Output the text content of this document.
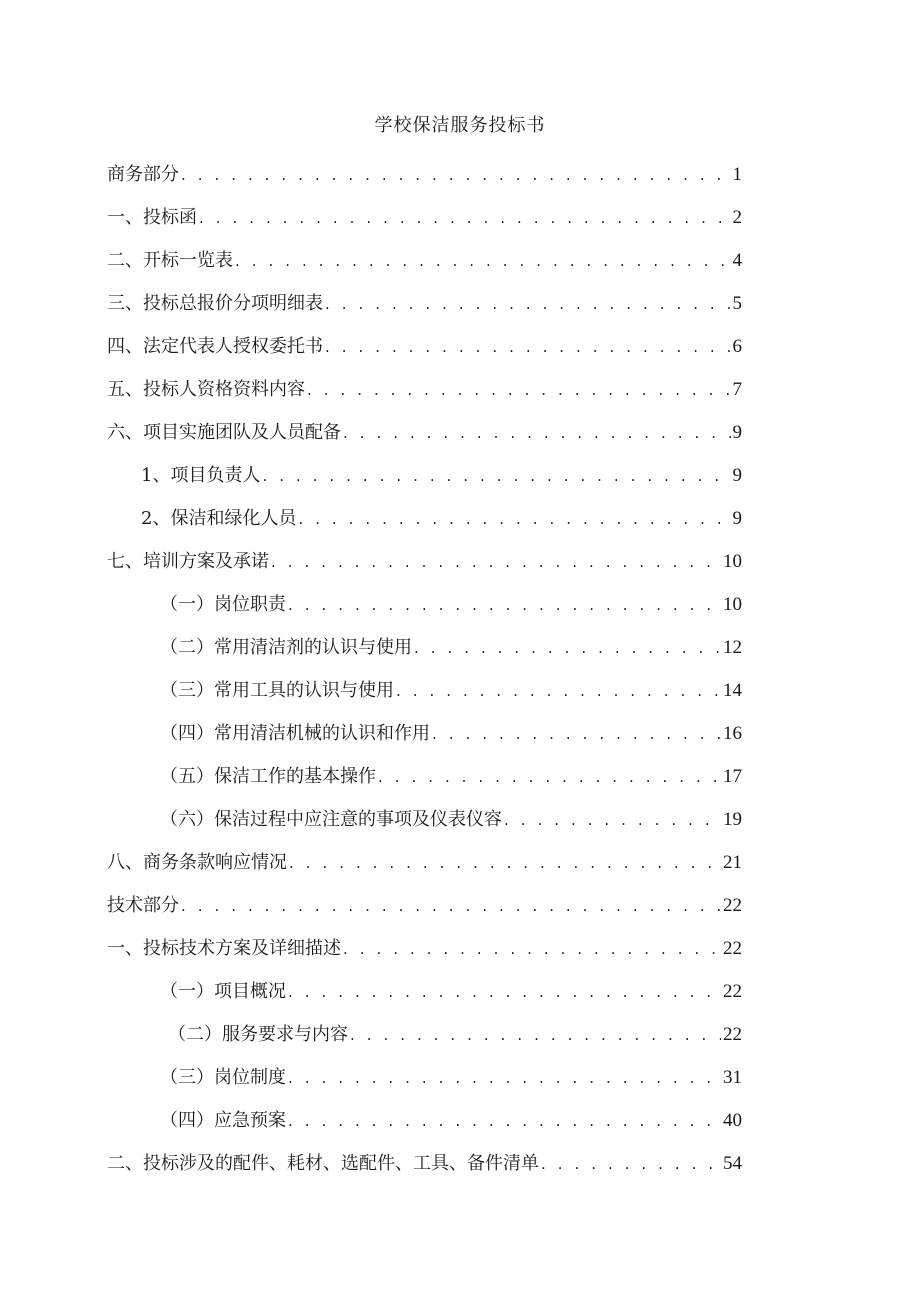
学校保洁服务投标书
商务部分 . . .	1
一、投标函 . . .	2
二、开标一览表 . . .	4
三、投标总报价分项明细表 . . .	5
四、法定代表人授权委托书 . . .	6
五、投标人资格资料内容 . . .	7
六、项目实施团队及人员配备 . . .	9
1、项目负责人 . . .	9
2、保洁和绿化人员 . . .	9
七、培训方案及承诺 . . .	10
（一）岗位职责 . . .	10
（二）常用清洁剂的认识与使用 . . .	12
（三）常用工具的认识与使用 . . .	14
（四）常用清洁机械的认识和作用 . . .	16
（五）保洁工作的基本操作 . . .	17
（六）保洁过程中应注意的事项及仪表仪容 . . .	19
八、商务条款响应情况 . . .	21
技术部分 . . .	22
一、投标技术方案及详细描述 . . .	22
（一）项目概况 . . .	22
（二）服务要求与内容 . . .	22
（三）岗位制度 . . .	31
（四）应急预案 . . .	40
二、投标涉及的配件、耗材、选配件、工具、备件清单 . . .	54
